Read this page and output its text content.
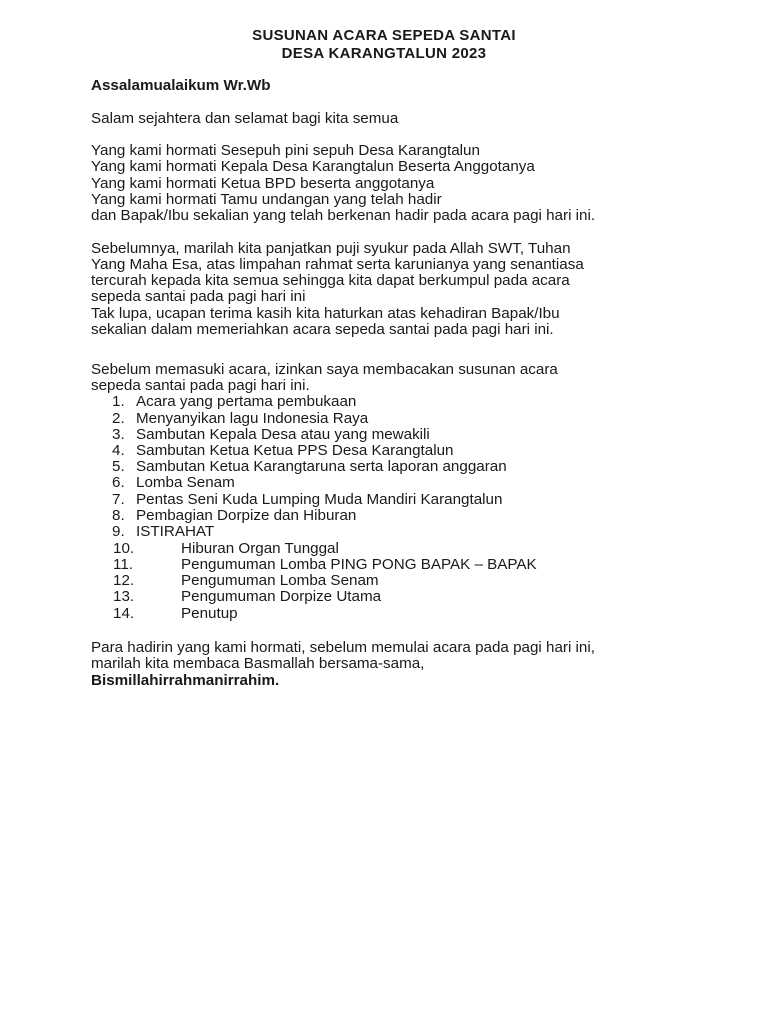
SUSUNAN ACARA SEPEDA SANTAI
DESA KARANGTALUN 2023
Assalamualaikum Wr.Wb
Salam sejahtera dan selamat bagi kita semua
Yang kami hormati Sesepuh pini sepuh Desa Karangtalun
Yang kami hormati Kepala Desa Karangtalun Beserta Anggotanya
Yang kami hormati Ketua BPD beserta anggotanya
Yang kami hormati Tamu undangan yang telah hadir
dan Bapak/Ibu sekalian yang telah berkenan hadir pada acara pagi hari ini.
Sebelumnya, marilah kita panjatkan puji syukur pada Allah SWT, Tuhan
Yang Maha Esa, atas limpahan rahmat serta karunianya yang senantiasa
tercurah kepada kita semua sehingga kita dapat berkumpul pada acara
sepeda santai pada pagi hari ini
Tak lupa, ucapan terima kasih kita haturkan atas kehadiran Bapak/Ibu
sekalian dalam memeriahkan acara sepeda santai pada pagi hari ini.
Sebelum memasuki acara, izinkan saya membacakan susunan acara
sepeda santai pada pagi hari ini.
1. Acara yang pertama pembukaan
2. Menyanyikan lagu Indonesia Raya
3. Sambutan Kepala Desa atau yang mewakili
4. Sambutan Ketua Ketua PPS Desa Karangtalun
5. Sambutan Ketua Karangtaruna serta laporan anggaran
6. Lomba Senam
7. Pentas Seni Kuda Lumping Muda Mandiri Karangtalun
8. Pembagian Dorpize dan Hiburan
9. ISTIRAHAT
10.	Hiburan Organ Tunggal
11.	Pengumuman Lomba PING PONG BAPAK – BAPAK
12.	Pengumuman Lomba Senam
13.	Pengumuman Dorpize Utama
14.	Penutup
Para hadirin yang kami hormati, sebelum memulai acara pada pagi hari ini,
marilah kita membaca Basmallah bersama-sama,
Bismillahirrahmanirrahim.
